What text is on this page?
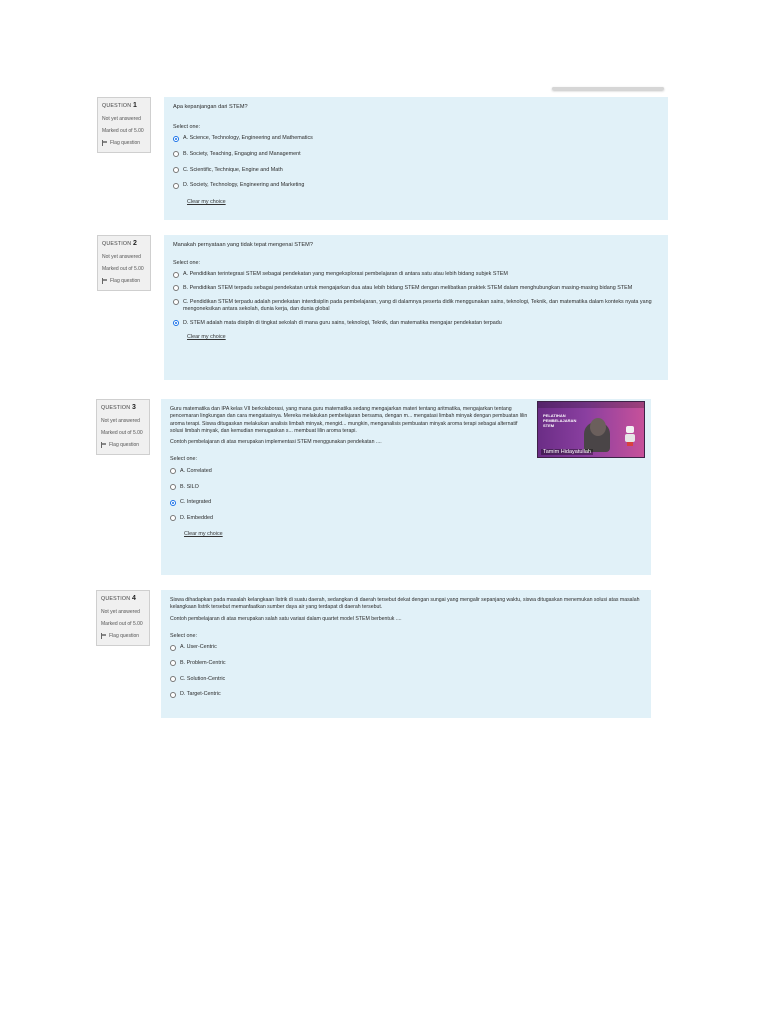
QUESTION 1
Not yet answered
Marked out of 5.00
Flag question
Apa kepanjangan dari STEM?
Select one:
A. Science, Technology, Engineering and Mathematics
B. Society, Teaching, Engaging and Management
C. Scientific, Technique, Engine and Math
D. Society, Technology, Engineering and Marketing
Clear my choice
QUESTION 2
Not yet answered
Marked out of 5.00
Flag question
Manakah pernyataan yang tidak tepat mengenai STEM?
Select one:
A. Pendidikan terintegrasi STEM sebagai pendekatan yang mengeksplorasi pembelajaran di antara satu atau lebih bidang subjek STEM
B. Pendidikan STEM terpadu sebagai pendekatan untuk mengajarkan dua atau lebih bidang STEM dengan melibatkan praktek STEM dalam menghubungkan masing-masing bidang STEM
C. Pendidikan STEM terpadu adalah pendekatan interdisiplin pada pembelajaran, yang di dalamnya peserta didik menggunakan sains, teknologi, Teknik, dan matematika dalam konteks nyata yang mengoneksikan antara sekolah, dunia kerja, dan dunia global
D. STEM adalah mata disiplin di tingkat sekolah di mana guru sains, teknologi, Teknik, dan matematika mengajar pendekatan terpadu
Clear my choice
QUESTION 3
Not yet answered
Marked out of 5.00
Flag question
Guru matematika dan IPA kelas VII berkolaborasi, yang mana guru matematika sedang mengajarkan materi tentang aritmatika, mengajarkan tentang pencemaran lingkungan dan cara mengatasinya. Mereka melakukan pembelajaran bersama, dengan m... mengatasi limbah minyak dengan pembuatan lilin aroma terapi. Siswa ditugaskan melakukan analisis limbah minyak, mengid... mungkin, menganalisis pembuatan minyak aroma terapi sebagai alternatif solusi limbah minyak, dan kemudian menugaskan s... membuat lilin aroma terapi.
Contoh pembelajaran di atas merupakan implementasi STEM menggunakan pendekatan ....
Select one:
A. Correlated
B. SILO
C. Integrated
D. Embedded
Clear my choice
PELATIHAN
PEMBELAJARAN
STEM
Tamim Hidayatullah
QUESTION 4
Not yet answered
Marked out of 5.00
Flag question
Siswa dihadapkan pada masalah kelangkaan listrik di suatu daerah, sedangkan di daerah tersebut dekat dengan sungai yang mengalir sepanjang waktu, siswa ditugaskan menemukan solusi atas masalah kelangkaan listrik tersebut memanfaatkan sumber daya air yang terdapat di daerah tersebut.
Contoh pembelajaran di atas merupakan salah satu variasi dalam quartet model STEM berbentuk ....
Select one:
A. User-Centric
B. Problem-Centric
C. Solution-Centric
D. Target-Centric
